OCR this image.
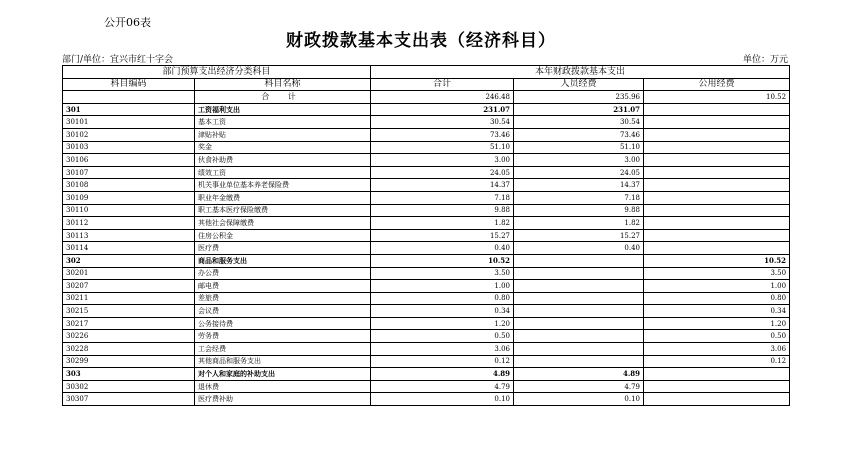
公开06表
财政拨款基本支出表（经济科目）
部门/单位：宜兴市红十字会	单位：万元
部门预算支出经济分类科目		本年财政拨款基本支出		
科目编码	科目名称	合计	人员经费	公用经费
	合 计	246.48	235.96	10.52
301	工资福利支出	231.07	231.07	
30101	基本工资	30.54	30.54	
30102	津贴补贴	73.46	73.46	
30103	奖金	51.10	51.10	
30106	伙食补助费	3.00	3.00	
30107	绩效工资	24.05	24.05	
30108	机关事业单位基本养老保险费	14.37	14.37	
30109	职业年金缴费	7.18	7.18	
30110	职工基本医疗保险缴费	9.88	9.88	
30112	其他社会保障缴费	1.82	1.82	
30113	住房公积金	15.27	15.27	
30114	医疗费	0.40	0.40	
302	商品和服务支出	10.52		10.52
30201	办公费	3.50		3.50
30207	邮电费	1.00		1.00
30211	差旅费	0.80		0.80
30215	会议费	0.34		0.34
30217	公务接待费	1.20		1.20
30226	劳务费	0.50		0.50
30228	工会经费	3.06		3.06
30299	其他商品和服务支出	0.12		0.12
303	对个人和家庭的补助支出	4.89	4.89	
30302	退休费	4.79	4.79	
30307	医疗费补助	0.10	0.10	
